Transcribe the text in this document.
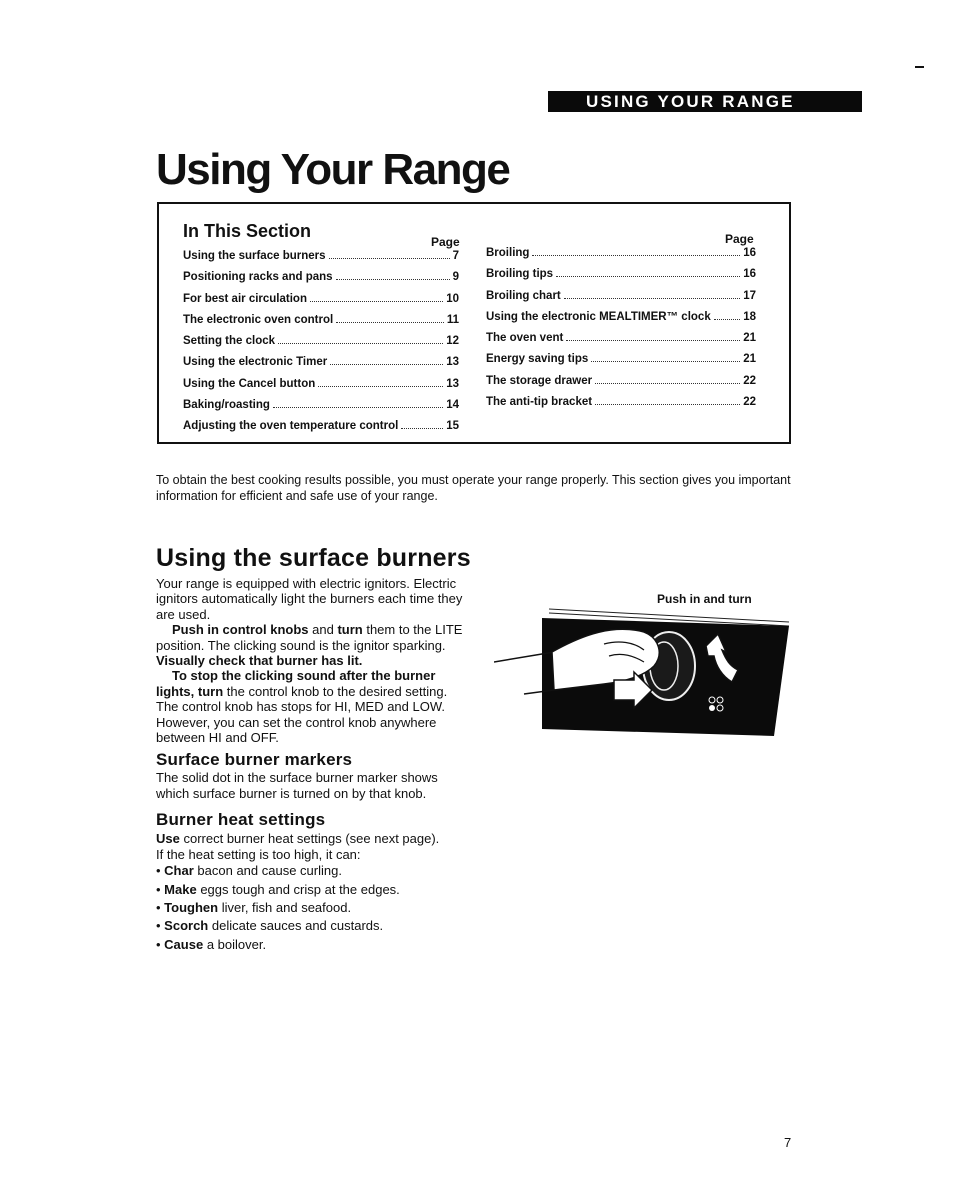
USING YOUR RANGE
Using Your Range
In This Section
Page	Page
Using the surface burners	7
Positioning racks and pans	9
For best air circulation	10
The electronic oven control	11
Setting the clock	12
Using the electronic Timer	13
Using the Cancel button	13
Baking/roasting	14
Adjusting the oven temperature control	15
Broiling	16
Broiling tips	16
Broiling chart	17
Using the electronic MEALTIMER™ clock	18
The oven vent	21
Energy saving tips	21
The storage drawer	22
The anti-tip bracket	22

To obtain the best cooking results possible, you must operate your range properly. This section gives you important information for efficient and safe use of your range.

Using the surface burners

Your range is equipped with electric ignitors. Electric ignitors automatically light the burners each time they are used.

Push in control knobs and turn them to the LITE position. The clicking sound is the ignitor sparking. Visually check that burner has lit.

To stop the clicking sound after the burner lights, turn the control knob to the desired setting. The control knob has stops for HI, MED and LOW. However, you can set the control knob anywhere between HI and OFF.

Surface burner markers

The solid dot in the surface burner marker shows which surface burner is turned on by that knob.

Burner heat settings

Use correct burner heat settings (see next page).

If the heat setting is too high, it can:

• Char bacon and cause curling.
• Make eggs tough and crisp at the edges.
• Toughen liver, fish and seafood.
• Scorch delicate sauces and custards.
• Cause a boilover.

Push in and turn

7
